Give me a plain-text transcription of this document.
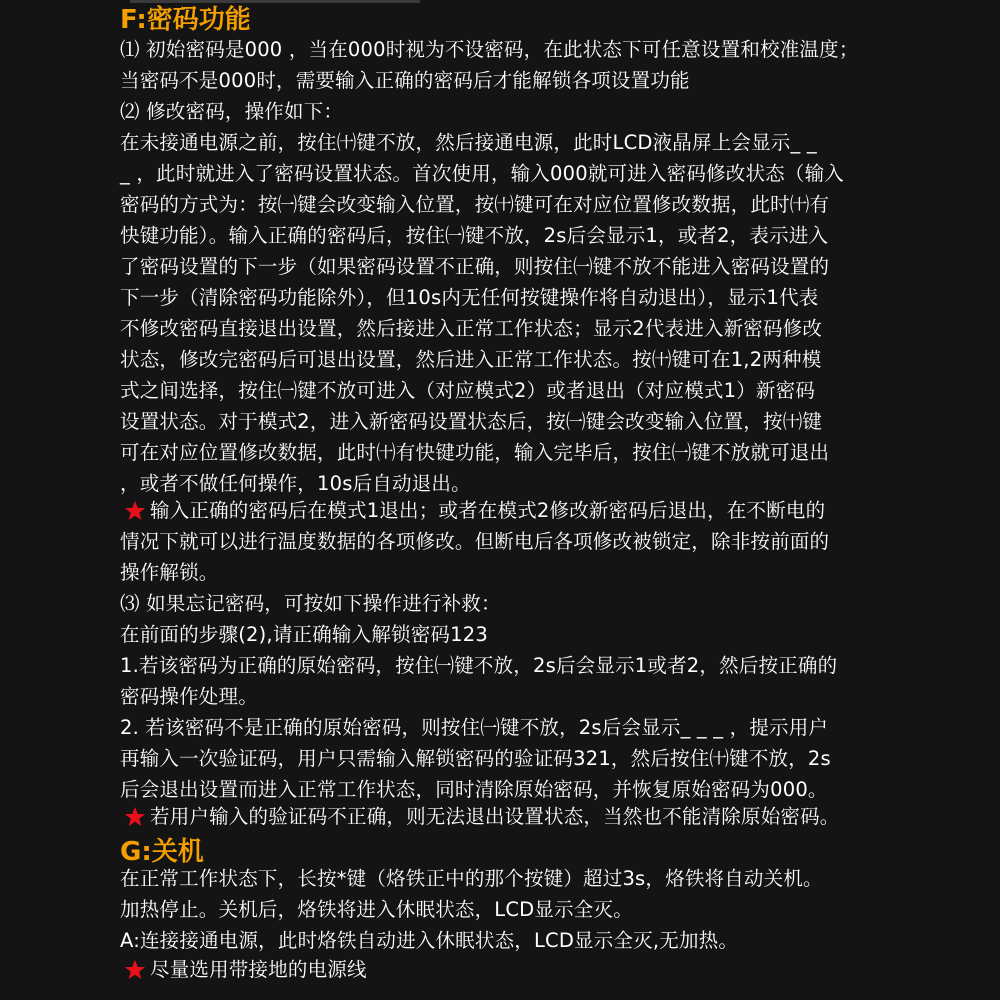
F:密码功能
⑴ 初始密码是000 ，当在000时视为不设密码，在此状态下可任意设置和校准温度；
当密码不是000时，需要输入正确的密码后才能解锁各项设置功能
⑵ 修改密码，操作如下：
在未接通电源之前，按住㈩键不放，然后接通电源，此时LCD液晶屏上会显示_ _
_ ，此时就进入了密码设置状态。首次使用，输入000就可进入密码修改状态（输入
密码的方式为：按㈠键会改变输入位置，按㈩键可在对应位置修改数据，此时㈩有
快键功能）。输入正确的密码后，按住㈠键不放，2s后会显示1，或者2，表示进入
了密码设置的下一步（如果密码设置不正确，则按住㈠键不放不能进入密码设置的
下一步（清除密码功能除外），但10s内无任何按键操作将自动退出），显示1代表
不修改密码直接退出设置，然后接进入正常工作状态；显示2代表进入新密码修改
状态，修改完密码后可退出设置，然后进入正常工作状态。按㈩键可在1,2两种模
式之间选择，按住㈠键不放可进入（对应模式2）或者退出（对应模式1）新密码
设置状态。对于模式2，进入新密码设置状态后，按㈠键会改变输入位置，按㈩键
可在对应位置修改数据，此时㈩有快键功能，输入完毕后，按住㈠键不放就可退出
，或者不做任何操作，10s后自动退出。
输入正确的密码后在模式1退出；或者在模式2修改新密码后退出，在不断电的
情况下就可以进行温度数据的各项修改。但断电后各项修改被锁定，除非按前面的
操作解锁。
⑶ 如果忘记密码，可按如下操作进行补救：
在前面的步骤(2),请正确输入解锁密码123
1.若该密码为正确的原始密码，按住㈠键不放，2s后会显示1或者2，然后按正确的
密码操作处理。
2. 若该密码不是正确的原始密码，则按住㈠键不放，2s后会显示_ _ _ ，提示用户
再输入一次验证码，用户只需输入解锁密码的验证码321，然后按住㈩键不放，2s
后会退出设置而进入正常工作状态，同时清除原始密码，并恢复原始密码为000。
若用户输入的验证码不正确，则无法退出设置状态，当然也不能清除原始密码。
G:关机
在正常工作状态下，长按*键（烙铁正中的那个按键）超过3s，烙铁将自动关机。
加热停止。关机后，烙铁将进入休眠状态，LCD显示全灭。
A:连接接通电源，此时烙铁自动进入休眠状态，LCD显示全灭,无加热。
尽量选用带接地的电源线
